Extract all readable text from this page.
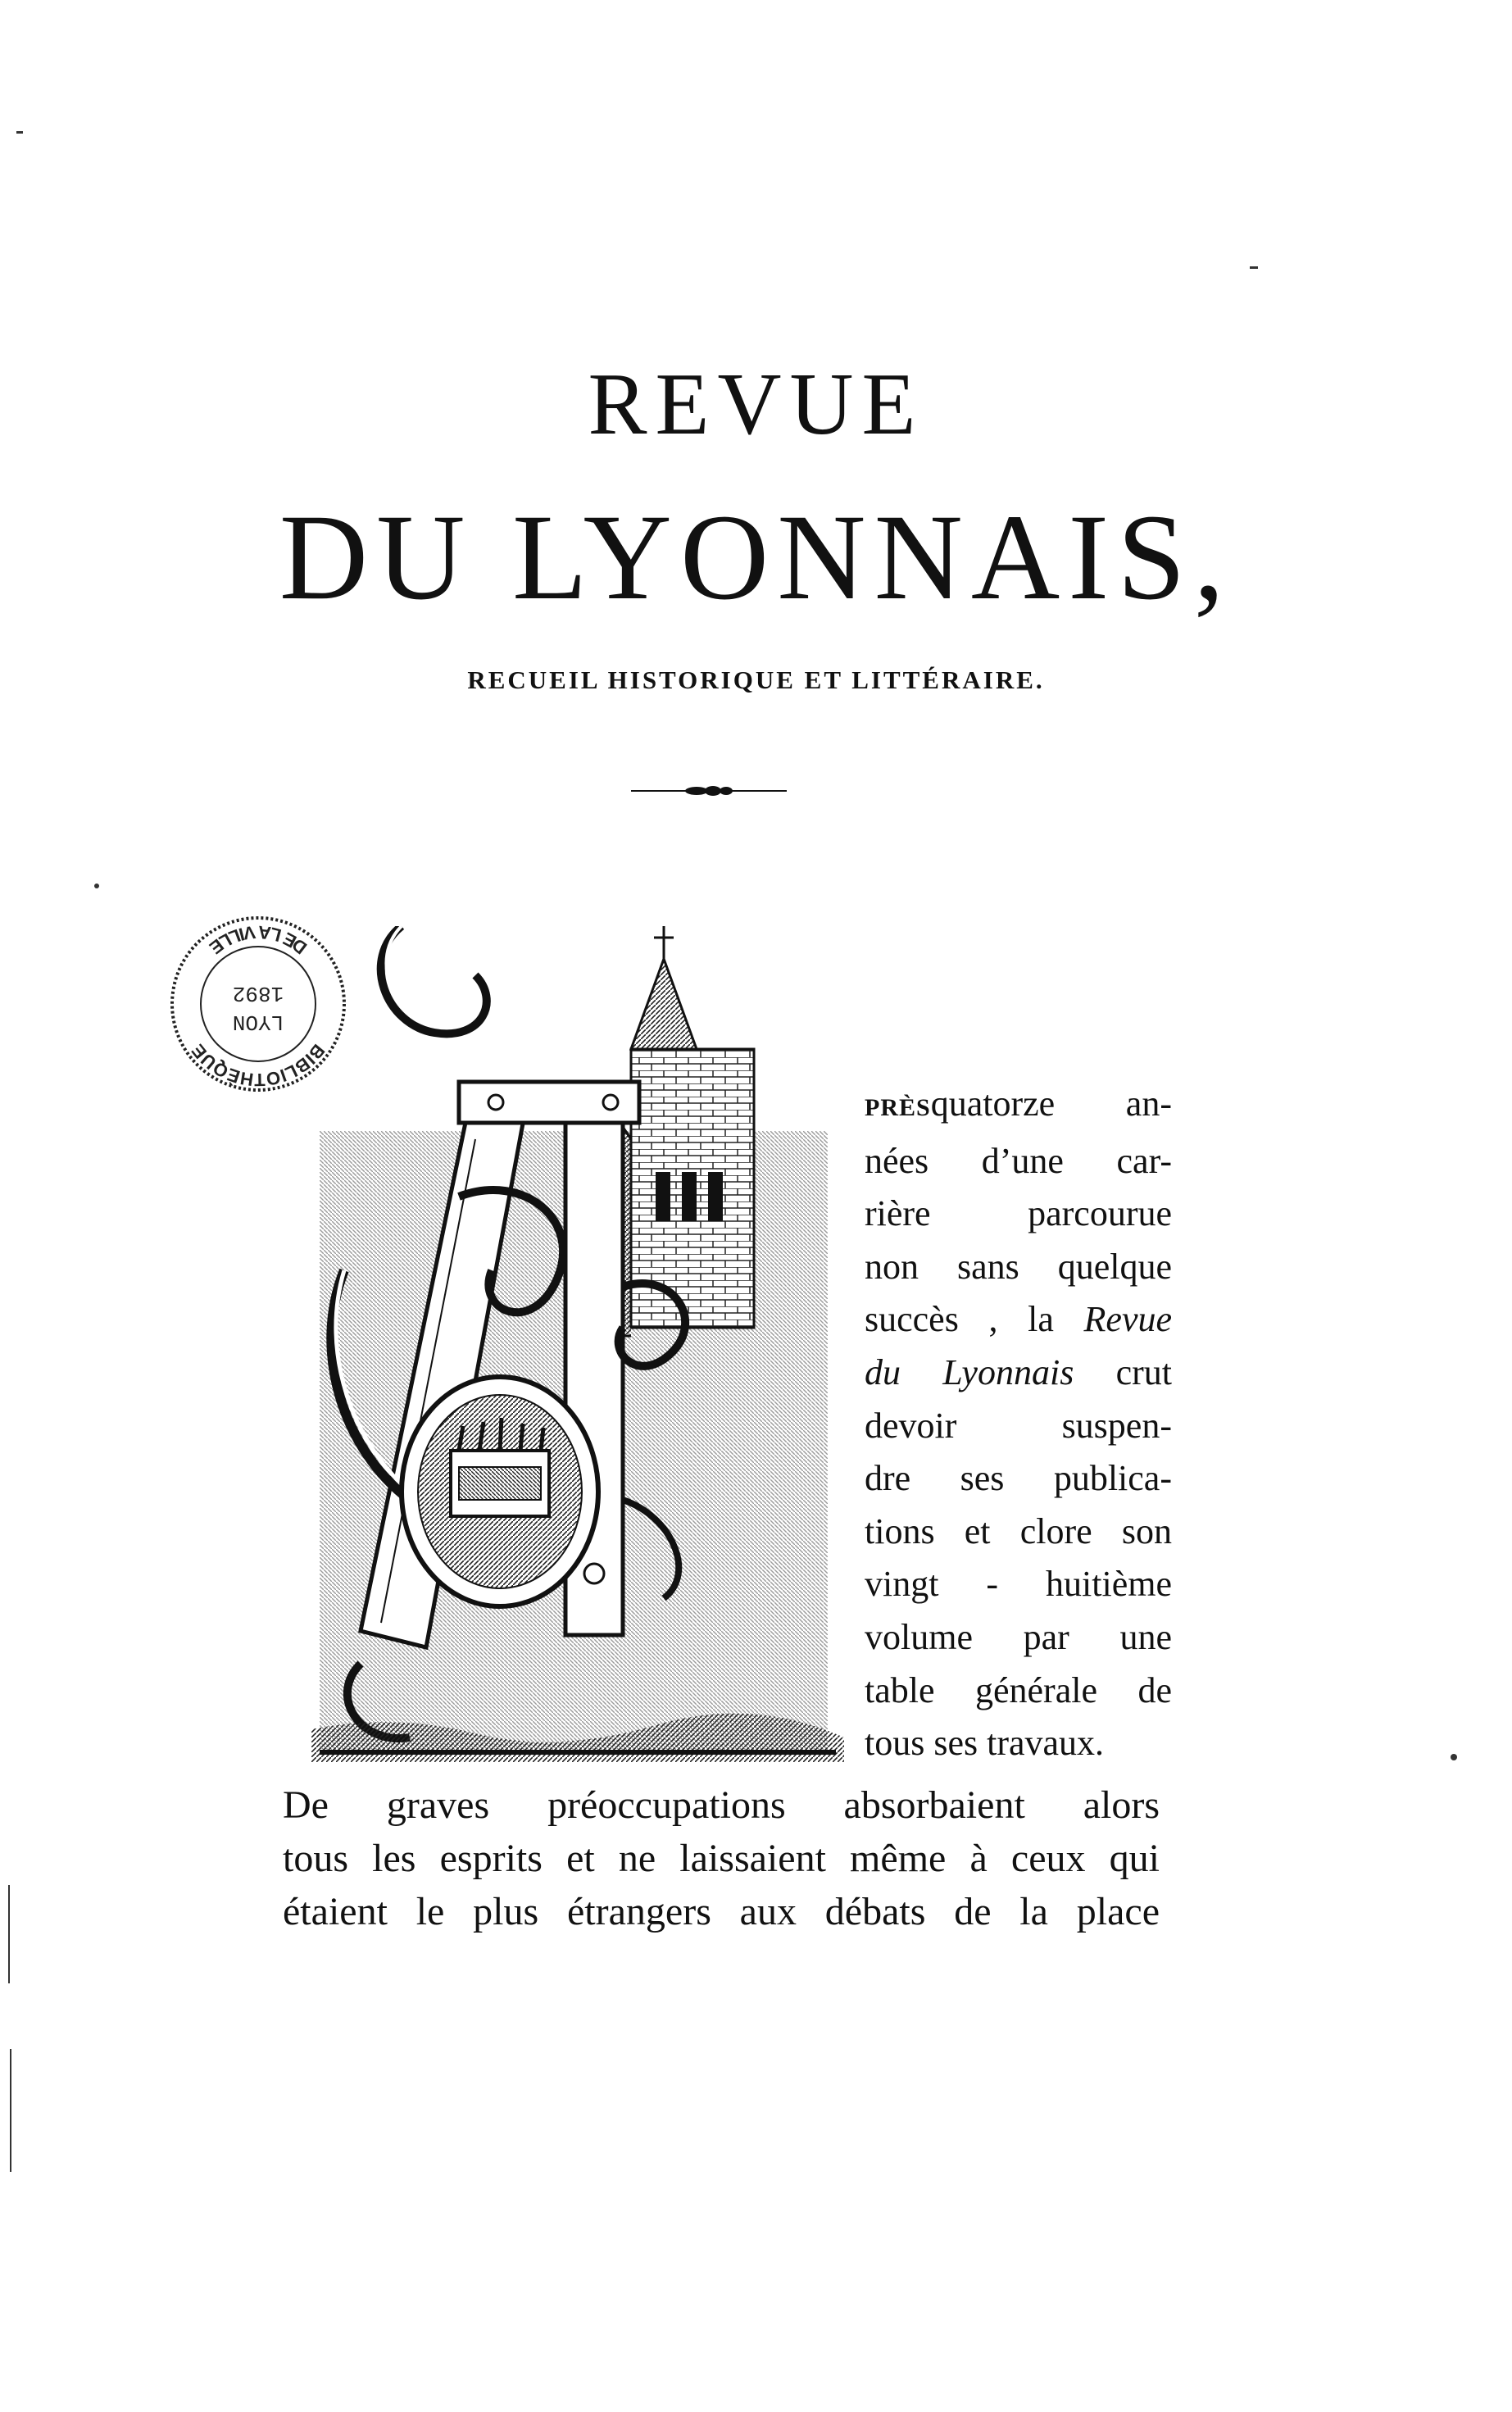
REVUE
DU LYONNAIS,
RECUEIL HISTORIQUE ET LITTÉRAIRE.
BIBLIOTHÈQUE
DE LA VILLE
1892
LYON
PRÈSquatorze an-
nées d’une car-
rière parcourue
non sans quelque
succès , la Revue
du Lyonnais crut
devoir suspen-
dre ses publica-
tions et clore son
vingt - huitième
volume par une
table générale de
tous ses travaux.
De graves préoccupations absorbaient alors
tous les esprits et ne laissaient même à ceux qui
étaient le plus étrangers aux débats de la place
